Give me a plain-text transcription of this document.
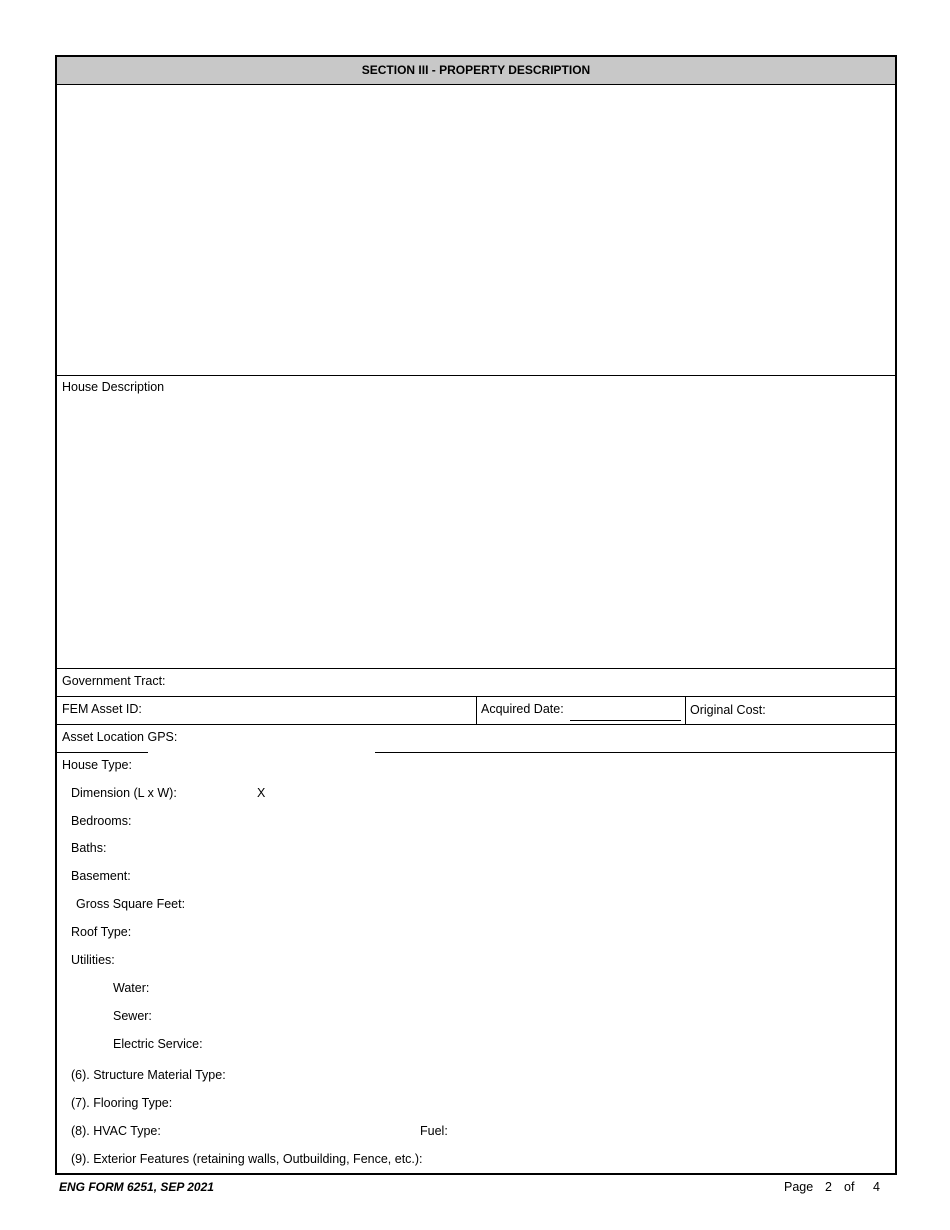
SECTION III - PROPERTY DESCRIPTION
House Description
Government Tract:
FEM Asset ID:	Acquired Date:	Original Cost:
Asset Location GPS:
House Type:
Dimension (L x W):	X
Bedrooms:
Baths:
Basement:
Gross Square Feet:
Roof Type:
Utilities:
Water:
Sewer:
Electric Service:
(6). Structure Material Type:
(7). Flooring Type:
(8). HVAC Type:	Fuel:
(9). Exterior Features (retaining walls, Outbuilding, Fence, etc.):
ENG FORM 6251, SEP 2021	Page 2 of 4
